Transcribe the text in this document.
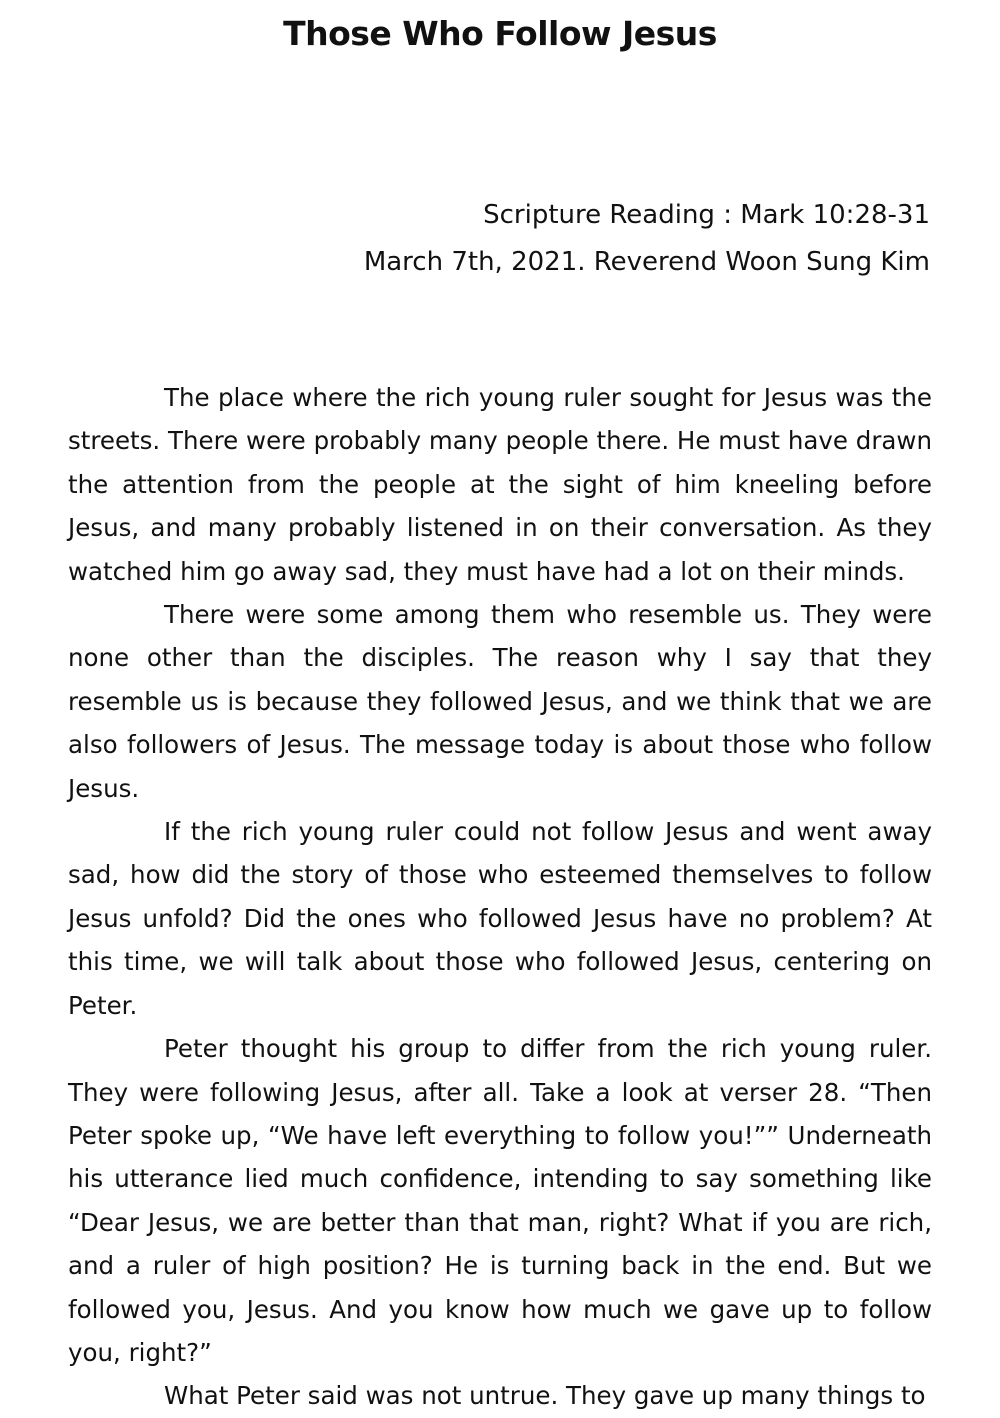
Those Who Follow Jesus
Scripture Reading : Mark 10:28-31
March 7th, 2021. Reverend Woon Sung Kim

The place where the rich young ruler sought for Jesus was the streets. There were probably many people there. He must have drawn the attention from the people at the sight of him kneeling before Jesus, and many probably listened in on their conversation. As they watched him go away sad, they must have had a lot on their minds.

There were some among them who resemble us. They were none other than the disciples. The reason why I say that they resemble us is because they followed Jesus, and we think that we are also followers of Jesus. The message today is about those who follow Jesus.

If the rich young ruler could not follow Jesus and went away sad, how did the story of those who esteemed themselves to follow Jesus unfold? Did the ones who followed Jesus have no problem? At this time, we will talk about those who followed Jesus, centering on Peter.

Peter thought his group to differ from the rich young ruler. They were following Jesus, after all. Take a look at verser 28. “Then Peter spoke up, “We have left everything to follow you!”” Underneath his utterance lied much confidence, intending to say something like “Dear Jesus, we are better than that man, right? What if you are rich, and a ruler of high position? He is turning back in the end. But we followed you, Jesus. And you know how much we gave up to follow you, right?”

What Peter said was not untrue. They gave up many things to
